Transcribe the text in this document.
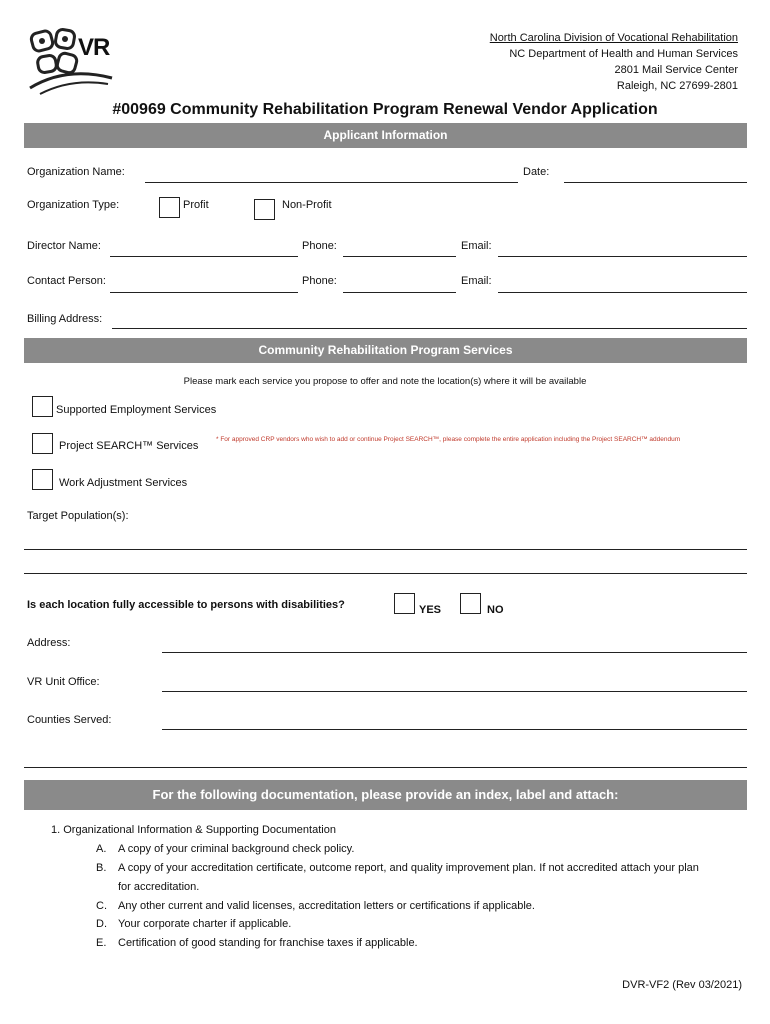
VR	North Carolina Division of Vocational Rehabilitation
NC Department of Health and Human Services
2801 Mail Service Center
Raleigh, NC 27699-2801
#00969 Community Rehabilitation Program Renewal Vendor Application
Applicant Information
Organization Name:	Date:
Organization Type:	Profit	Non-Profit
Director Name:	Phone:	Email:
Contact Person:	Phone:	Email:
Billing Address:
Community Rehabilitation Program Services
Please mark each service you propose to offer and note the location(s) where it will be available
Supported Employment Services
Project SEARCH™ Services
* For approved CRP vendors who wish to add or continue Project SEARCH™, please complete the entire application including the Project SEARCH™ addendum
Work Adjustment Services
Target Population(s):
Is each location fully accessible to persons with disabilities?	YES	NO
Address:
VR Unit Office:
Counties Served:
For the following documentation, please provide an index, label and attach:
1. Organizational Information & Supporting Documentation
A. A copy of your criminal background check policy.
B. A copy of your accreditation certificate, outcome report, and quality improvement plan. If not accredited attach your plan
for accreditation.
C. Any other current and valid licenses, accreditation letters or certifications if applicable.
D. Your corporate charter if applicable.
E. Certification of good standing for franchise taxes if applicable.
DVR-VF2 (Rev 03/2021)
